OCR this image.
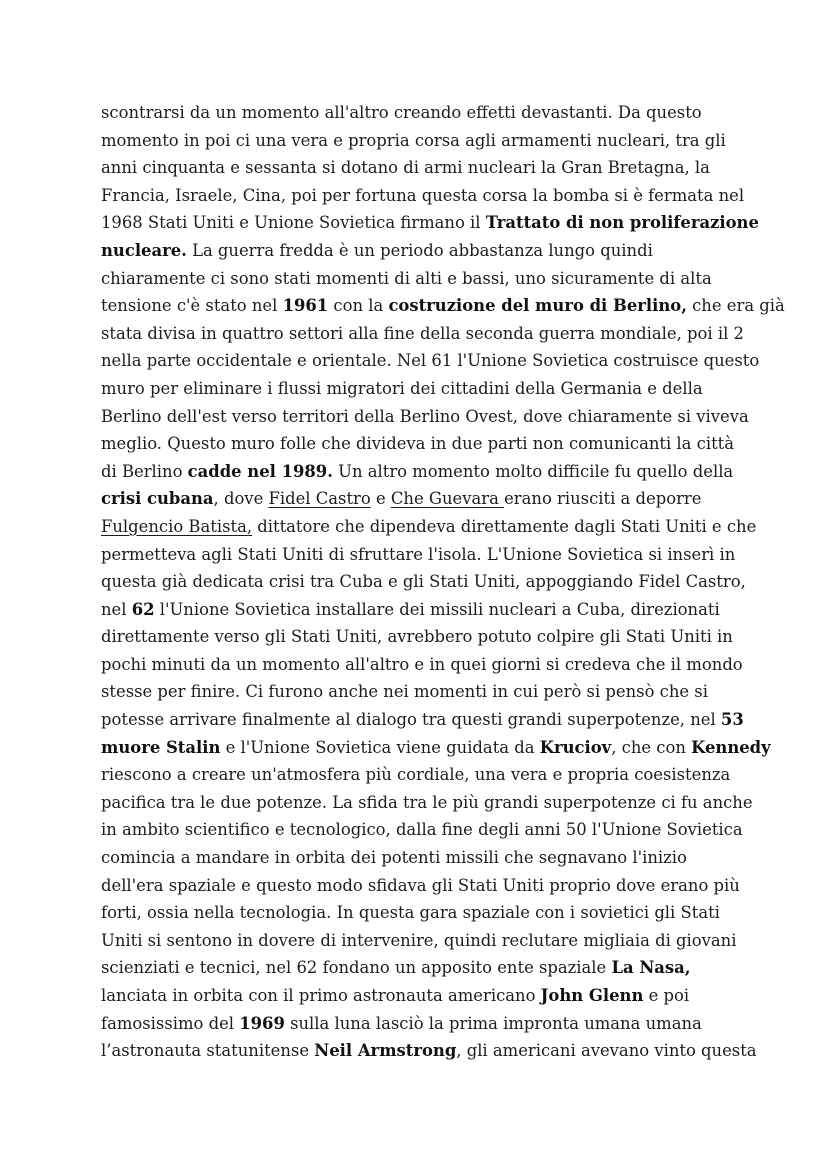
scontrarsi da un momento all'altro creando effetti devastanti. Da questo
momento in poi ci una vera e propria corsa agli armamenti nucleari, tra gli
anni cinquanta e sessanta si dotano di armi nucleari la Gran Bretagna, la
Francia, Israele, Cina, poi per fortuna questa corsa la bomba si è fermata nel
1968 Stati Uniti e Unione Sovietica firmano il Trattato di non proliferazione
nucleare. La guerra fredda è un periodo abbastanza lungo quindi
chiaramente ci sono stati momenti di alti e bassi, uno sicuramente di alta
tensione c'è stato nel 1961 con la costruzione del muro di Berlino, che era già
stata divisa in quattro settori alla fine della seconda guerra mondiale, poi il 2
nella parte occidentale e orientale. Nel 61 l'Unione Sovietica costruisce questo
muro per eliminare i flussi migratori dei cittadini della Germania e della
Berlino dell'est verso territori della Berlino Ovest, dove chiaramente si viveva
meglio. Questo muro folle che divideva in due parti non comunicanti la città
di Berlino cadde nel 1989. Un altro momento molto difficile fu quello della
crisi cubana, dove Fidel Castro e Che Guevara erano riusciti a deporre
Fulgencio Batista, dittatore che dipendeva direttamente dagli Stati Uniti e che
permetteva agli Stati Uniti di sfruttare l'isola. L'Unione Sovietica si inserì in
questa già dedicata crisi tra Cuba e gli Stati Uniti, appoggiando Fidel Castro,
nel 62 l'Unione Sovietica installare dei missili nucleari a Cuba, direzionati
direttamente verso gli Stati Uniti, avrebbero potuto colpire gli Stati Uniti in
pochi minuti da un momento all'altro e in quei giorni si credeva che il mondo
stesse per finire. Ci furono anche nei momenti in cui però si pensò che si
potesse arrivare finalmente al dialogo tra questi grandi superpotenze, nel 53
muore Stalin e l'Unione Sovietica viene guidata da Kruciov, che con Kennedy
riescono a creare un'atmosfera più cordiale, una vera e propria coesistenza
pacifica tra le due potenze. La sfida tra le più grandi superpotenze ci fu anche
in ambito scientifico e tecnologico, dalla fine degli anni 50 l'Unione Sovietica
comincia a mandare in orbita dei potenti missili che segnavano l'inizio
dell'era spaziale e questo modo sfidava gli Stati Uniti proprio dove erano più
forti, ossia nella tecnologia. In questa gara spaziale con i sovietici gli Stati
Uniti si sentono in dovere di intervenire, quindi reclutare migliaia di giovani
scienziati e tecnici, nel 62 fondano un apposito ente spaziale La Nasa,
lanciata in orbita con il primo astronauta americano John Glenn e poi
famosissimo del 1969 sulla luna lasciò la prima impronta umana umana
l’astronauta statunitense Neil Armstrong, gli americani avevano vinto questa
